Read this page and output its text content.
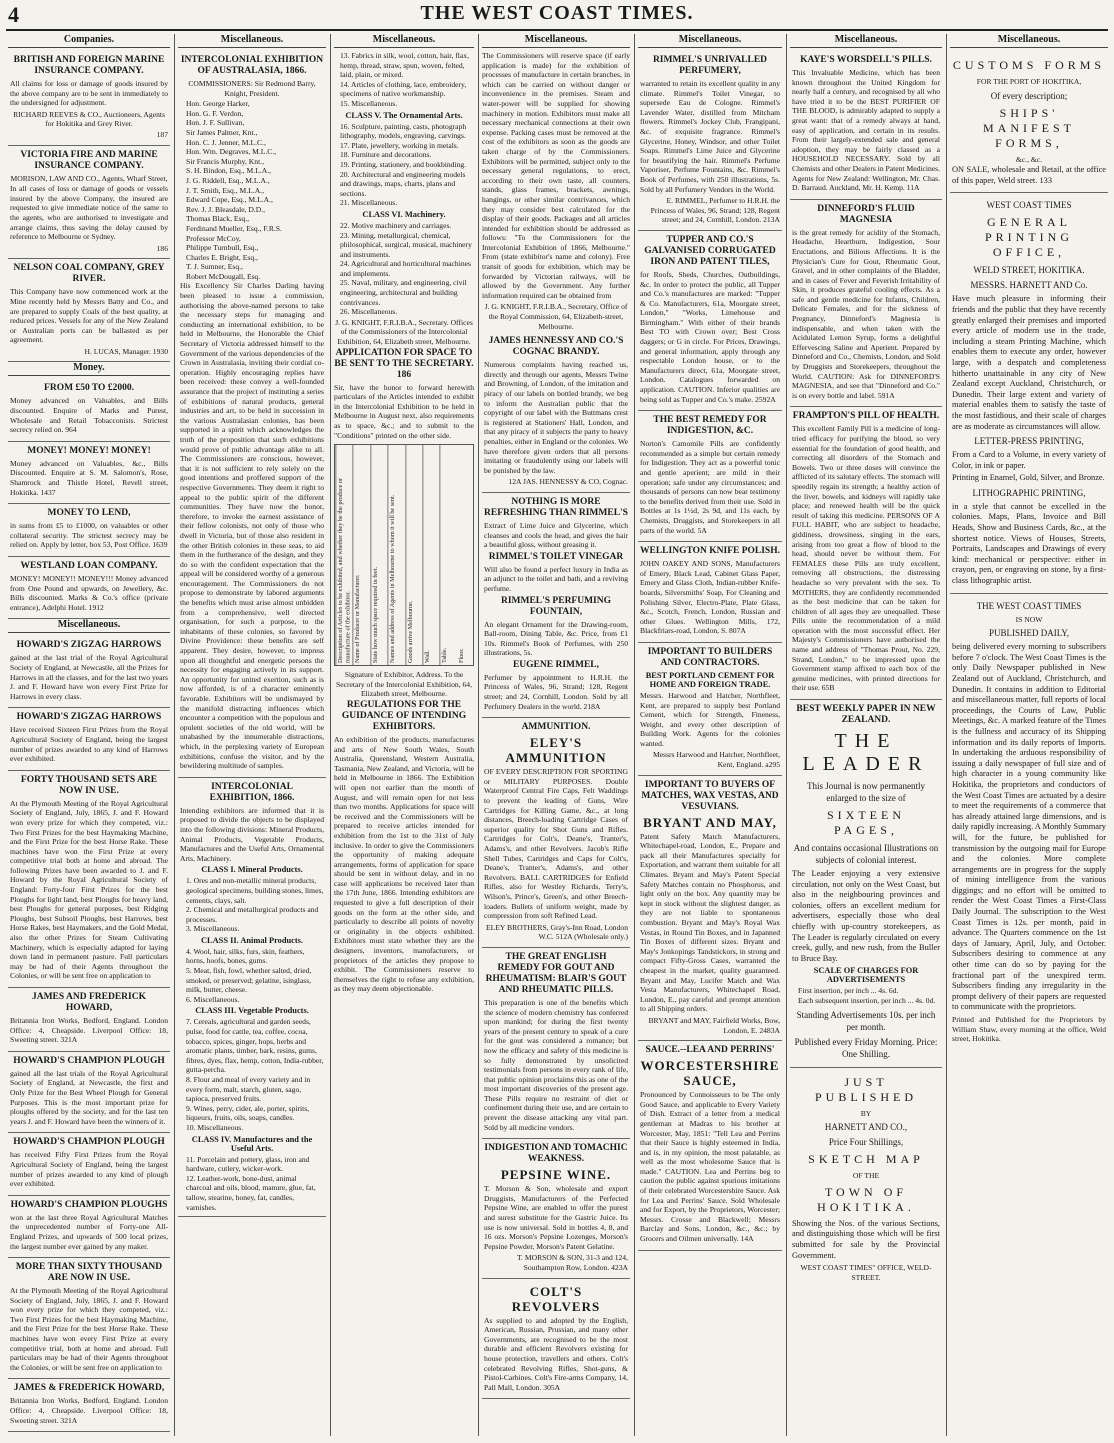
4	THE WEST COAST TIMES.
Companies.
BRITISH AND FOREIGN MARINE INSURANCE COMPANY.

All claims for loss or damage of goods insured by the above company are to be sent in immediately to the undersigned for adjustment.

RICHARD REEVES & CO., Auctioneers, Agents for Hokitika and Grey River.

187

VICTORIA FIRE AND MARINE INSURANCE COMPANY.

MORISON, LAW AND CO., Agents, Wharf Street,

In all cases of loss or damage of goods or vessels insured by the above Company, the insured are requested to give immediate notice of the same to the agents, who are authorised to investigate and arrange claims, thus saving the delay caused by reference to Melbourne or Sydney.

186

NELSON COAL COMPANY, GREY RIVER.

This Company have now commenced work at the Mine recently held by Messrs Batty and Co., and are prepared to supply Coals of the best quality, at reduced prices. Vessels for any of the New Zealand or Australian ports can be ballasted as per agreement.

H. LUCAS, Manager. 1930

Money.
FROM £50 TO £2000.

Money advanced on Valuables, and Bills discounted. Enquire of Marks and Purest, Wholesale and Retail Tobacconists. Strictest secrecy relied on. 964

MONEY! MONEY! MONEY!

Money advanced on Valuables, &c., Bills Discounted. Enquire at S. M. Salomon's, Rose, Shamrock and Thistle Hotel, Revell street, Hokitika. 1437

MONEY TO LEND,

in sums from £5 to £1000, on valuables or other collateral security. The strictest secrecy may be relied on. Apply by letter, box 53, Post Office. 1639

WESTLAND LOAN COMPANY.

MONEY! MONEY!! MONEY!!! Money advanced from One Pound and upwards, on Jewellery, &c. Bills discounted. Marks & Co.'s office (private entrance), Adelphi Hotel. 1912

Miscellaneous.
HOWARD'S ZIGZAG HARROWS

gained at the last trial of the Royal Agricultural Society of England, at Newcastle, all the Prizes for Harrows in all the classes, and for the last two years J. and F. Howard have won every First Prize for Harrows in every class.

HOWARD'S ZIGZAG HARROWS

Have received Sixteen First Prizes from the Royal Agricultural Society of England, being the largest number of prizes awarded to any kind of Harrows ever exhibited.

FORTY THOUSAND SETS ARE NOW IN USE.

At the Plymouth Meeting of the Royal Agricultural Society of England, July, 1865, J. and F. Howard won every prize for which they competed, viz.: Two First Prizes for the best Haymaking Machine, and the First Prize for the best Horse Rake. These machines have won the First Prize at every competitive trial both at home and abroad. The following Prizes have been awarded to J. and F. Howard by the Royal Agricultural Society of England: Forty-four First Prizes for the best Ploughs for light land, best Ploughs for heavy land, best Ploughs for general purposes, best Ridging Ploughs, best Subsoil Ploughs, best Harrows, best Horse Rakes, best Haymakers, and the Gold Medal, also the other Prizes for Steam Cultivating Machinery, which is especially adapted for laying down land in permanent pasture. Full particulars may be had of their Agents throughout the Colonies, or will be sent free on application to

JAMES AND FREDERICK HOWARD,

Britannia Iron Works, Bedford, England. London Office: 4, Cheapside. Liverpool Office: 18, Sweeting street. 321A

HOWARD'S CHAMPION PLOUGH

gained all the last trials of the Royal Agricultural Society of England, at Newcastle, the first and Only Prize for the Best Wheel Plough for General Purposes. This is the most important prize for ploughs offered by the society, and for the last ten years J. and F. Howard have been the winners of it.

HOWARD'S CHAMPION PLOUGH

has received Fifty First Prizes from the Royal Agricultural Society of England, being the largest number of prizes awarded to any kind of plough ever exhibited.

HOWARD'S CHAMPION PLOUGHS

won at the last three Royal Agricultural Matches the unprecedented number of Forty-one All-England Prizes, and upwards of 500 local prizes, the largest number ever gained by any maker.

MORE THAN SIXTY THOUSAND ARE NOW IN USE.

At the Plymouth Meeting of the Royal Agricultural Society of England, July, 1865, J. and F. Howard won every prize for which they competed, viz.: Two First Prizes for the best Haymaking Machine, and the First Prize for the best Horse Rake. These machines have won every First Prize at every competitive trial, both at home and abroad. Full particulars may be had of their Agents throughout the Colonies, or will be sent free on application to

JAMES & FREDERICK HOWARD,

Britannia Iron Works, Bedford, England. London Office: 4, Cheapside. Liverpool Office: 18, Sweeting street. 321A

Miscellaneous.
INTERCOLONIAL EXHIBITION OF AUSTRALASIA, 1866.

COMMISSIONERS: Sir Redmond Barry, Knight, President.

Hon. George Harker,
Hon. G. F. Verdon,
Hon. J. F. Sullivan,
Sir James Palmer, Knt.,
Hon. C. J. Jenner, M.L.C.,
Hon. Wm. Degraves, M.L.C.,
Sir Francis Murphy, Knt.,
S. H. Bindon, Esq., M.L.A.,
J. G. Riddell, Esq., M.L.A.,
J. T. Smith, Esq., M.L.A.,
Edward Cope, Esq., M.L.A.,
Rev. J. J. Bleasdale, D.D.,
Thomas Black, Esq.,
Ferdinand Mueller, Esq., F.R.S.
Professor McCoy,
Philippe Turnbull, Esq.,
Charles E. Bright, Esq.,
T. J. Sumner, Esq.,
Robert McDougall, Esq.

His Excellency Sir Charles Darling having been pleased to issue a commission, authorising the above-named persons to take the necessary steps for managing and conducting an international exhibition, to be held in Melbourne, the Honorable the Chief Secretary of Victoria addressed himself to the Government of the various dependencies of the Crown in Australasia, inviting their cordial co-operation. Highly encouraging replies have been received: these convey a well-founded assurance that the project of instituting a series of exhibitions of natural products, general industries and art, to be held in succession in the various Australasian colonies, has been supported in a spirit which acknowledges the truth of the proposition that such exhibitions would prove of public advantage alike to all. The Commissioners are conscious, however, that it is not sufficient to rely solely on the good intentions and proffered support of the respective Governments. They deem it right to appeal to the public spirit of the different communities. They have now the honor, therefore, to invoke the earnest assistance of their fellow colonists, not only of those who dwell in Victoria, but of those also resident in the other British colonies in these seas, to aid them in the furtherance of the design, and they do so with the confident expectation that the appeal will be considered worthy of a generous encouragement. The Commissioners do not propose to demonstrate by labored arguments the benefits which must arise almost unbidden from a comprehensive, well directed organisation, for such a purpose, to the inhabitants of these colonies, so favored by Divine Providence: these benefits are self apparent. They desire, however, to impress upon all thoughtful and energetic persons the necessity for engaging actively in its support. An opportunity for united exertion, such as is now afforded, is of a character eminently favorable. Exhibitors will be undismayed by the manifold distracting influences which encounter a competition with the populous and opulent societies of the old world, will be unabashed by the innumerable distractions, which, in the perplexing variety of European exhibitions, confuse the visitor, and by the bewildering multitude of samples.

INTERCOLONIAL EXHIBITION, 1866.

Intending exhibitors are informed that it is proposed to divide the objects to be displayed into the following divisions: Mineral Products, Animal Products, Vegetable Products, Manufactures and the Useful Arts, Ornamental Arts, Machinery.

CLASS I. Mineral Products.
1. Ores and non-metallic mineral products, geological specimens, building stones, limes, cements, clays, salt.
2. Chemical and metallurgical products and processes.
3. Miscellaneous.
CLASS II. Animal Products.
4. Wool, hair, silks, furs, skin, feathers, horns, hoofs, bones, gums.
5. Meat, fish, fowl, whether salted, dried, smoked, or preserved; gelatine, isinglass, milk, butter, cheese.
6. Miscellaneous.
CLASS III. Vegetable Products.
7. Cereals, agricultural and garden seeds, pulse, food for cattle, tea, coffee, cocoa, tobacco, spices, ginger, hops, herbs and aromatic plants, timber, bark, resins, gums, fibres, dyes, flax, hemp, cotton, India-rubber, gutta-percha.
8. Flour and meal of every variety and in every form, malt, starch, gluten, sago, tapioca, preserved fruits.
9. Wines, perry, cider, ale, porter, spirits, liqueurs, fruits, oils, soaps, candles.
10. Miscellaneous.
CLASS IV. Manufactures and the Useful Arts.
11. Porcelain and pottery, glass, iron and hardware, cutlery, wicker-work.
12. Leather-work, bone-dust, animal charcoal and oils, blood, manure, glue, fat, tallow, stearine, honey, fat, candles, varnishes.
Miscellaneous.
13. Fabrics in silk, wool, cotton, hair, flax, hemp, thread, straw, spun, woven, felted, laid, plain, or mixed.
14. Articles of clothing, lace, embroidery, specimens of native workmanship.
15. Miscellaneous.
CLASS V. The Ornamental Arts.
16. Sculpture, painting, casts, photograph lithography, models, engraving, carvings.
17. Plate, jewellery, working in metals.
18. Furniture and decorations.
19. Printing, stationery, and bookbinding.
20. Architectural and engineering models and drawings, maps, charts, plans and sections.
21. Miscellaneous.
CLASS VI. Machinery.
22. Motive machinery and carriages.
23. Mining, metallurgical, chemical, philosophical, surgical, musical, machinery and instruments.
24. Agricultural and horticultural machines and implements.
25. Naval, military, and engineering, civil engineering, architectural and building contrivances.
26. Miscellaneous.

J. G. KNIGHT, F.R.I.B.A., Secretary. Offices of the Commissioners of the Intercolonial Exhibition, 64, Elizabeth street, Melbourne.

APPLICATION FOR SPACE TO BE SENT TO THE SECRETARY. 186

Sir, have the honor to forward herewith particulars of the Articles intended to exhibit in the Intercolonial Exhibition to be held in Melbourne in August next, also requirements as to space, &c.; and to submit to the "Conditions" printed on the other side.

Description of Articles to be exhibited, and whether they be the produce or manufacture of the exhibitor. Name of Producer or Manufacturer.	State how much space required in feet.	Names and address of Agents in Melbourne to whom it will be sent.	Goods arrive Melbourne.	Wall.	Table.	Floor.

Signature of Exhibitor, Address. To the Secretary of the Intercolonial Exhibition, 64, Elizabeth street, Melbourne.

REGULATIONS FOR THE GUIDANCE OF INTENDING EXHIBITORS.

An exhibition of the products, manufactures and arts of New South Wales, South Australia, Queensland, Western Australia, Tasmania, New Zealand, and Victoria, will be held in Melbourne in 1866. The Exhibition will open not earlier than the month of August, and will remain open for not less than two months. Applications for space will be received and the Commissioners will be prepared to receive articles intended for exhibition from the 1st to the 31st of July inclusive. In order to give the Commissioners the opportunity of making adequate arrangements, forms of application for space should be sent in without delay, and in no case will applications be received later than the 17th June, 1866. Intending exhibitors are requested to give a full description of their goods on the form at the other side, and particularly to describe all points of novelty or originality in the objects exhibited. Exhibitors must state whether they are the designers, inventors, manufacturers, or proprietors of the articles they propose to exhibit. The Commissioners reserve to themselves the right to refuse any exhibition, as they may deem objectionable.

Miscellaneous.

The Commissioners will reserve space (if early application is made) for the exhibition of processes of manufacture in certain branches, in which can be carried on without danger or inconvenience in the premises. Steam and water-power will be supplied for showing machinery in motion. Exhibitors must make all necessary mechanical connections at their own expense. Packing cases must be removed at the cost of the exhibitors as soon as the goods are taken charge of by the Commissioners. Exhibitors will be permitted, subject only to the necessary general regulations, to erect, according to their own taste, all counters, stands, glass frames, brackets, awnings, hangings, or other similar contrivances, which they may consider best calculated for the display of their goods. Packages and all articles intended for exhibition should be addressed as follows: "To the Commissioners for the Intercolonial Exhibition of 1866, Melbourne." From (state exhibitor's name and colony). Free transit of goods for exhibition, which may be forwarded by Victorian railways, will be allowed by the Government. Any further information required can be obtained from

J. G. KNIGHT, F.R.I.B.A., Secretary, Office of the Royal Commission, 64, Elizabeth-street, Melbourne.

JAMES HENNESSY AND CO.'S COGNAC BRANDY.

Numerous complaints having reached us, directly and through our agents, Messrs Twine and Browning, of London, of the imitation and piracy of our labels on bottled brandy, we beg to inform the Australian public that the copyright of our label with the Buttmans crest is registered at Stationers' Hall, London, and that any piracy of it subjects the party to heavy penalties, either in England or the colonies. We have therefore given orders that all persons imitating or fraudulently using our labels will be punished by the law.

12A JAS. HENNESSY & CO, Cognac.

NOTHING IS MORE REFRESHING THAN RIMMEL'S

Extract of Lime Juice and Glycerine, which cleanses and cools the head, and gives the hair a beautiful gloss, without greasing it.

RIMMEL'S TOILET VINEGAR

Will also be found a perfect luxury in India as an adjunct to the toilet and bath, and a reviving perfume.

RIMMEL'S PERFUMING FOUNTAIN,

An elegant Ornament for the Drawing-room, Ball-room, Dining Table, &c. Price, from £1 10s. Rimmel's Book of Perfumes, with 250 illustrations, 5s.

EUGENE RIMMEL,

Perfumer by appointment to H.R.H. the Princess of Wales, 96, Strand; 128, Regent street; and 24, Cornhill, London. Sold by all Perfumery Dealers in the world. 218A

AMMUNITION.
ELEY'S AMMUNITION

OF EVERY DESCRIPTION FOR SPORTING or MILITARY PURPOSES. Double Waterproof Central Fire Caps, Felt Waddings to prevent the leading of Guns, Wire Cartridges for Killing Game, &c., at long distances, Breech-loading Cartridge Cases of superior quality for Shot Guns and Rifles. Cartridges for Colt's, Deane's, Tranter's, Adams's, and other Revolvers. Jacob's Rifle Shell Tubes, Cartridges and Caps for Colt's, Deane's, Tranter's, Adams's, and other Revolvers. BALL CARTRIDGES for Enfield Rifles, also for Westley Richards, Terry's, Wilson's, Prince's, Green's, and other Breech-loaders. Bullets of uniform weight, made by compression from soft Refined Lead.

ELEY BROTHERS, Gray's-Inn Road, London W.C. 512A (Wholesale only.)

THE GREAT ENGLISH REMEDY FOR GOUT AND RHEUMATISM: BLAIR'S GOUT AND RHEUMATIC PILLS.

This preparation is one of the benefits which the science of modern chemistry has conferred upon mankind; for during the first twenty years of the present century to speak of a cure for the gout was considered a romance; but now the efficacy and safety of this medicine is so fully demonstrated by unsolicited testimonials from persons in every rank of life, that public opinion proclaims this as one of the most important discoveries of the present age. These Pills require no restraint of diet or confinement during their use, and are certain to prevent the disease attacking any vital part. Sold by all medicine vendors.

INDIGESTION AND TOMACHIC WEAKNESS.
PEPSINE WINE.

T. Morson & Son, wholesale and export Druggists, Manufacturers of the Perfected Pepsine Wine, are enabled to offer the purest and surest substitute for the Gastric Juice. Its use is now universal. Sold in bottles 4, 8, and 16 ozs. Morson's Pepsine Lozenges, Morson's Pepsine Powder, Morson's Patent Gelatine.

T. MORSON & SON, 31-3 and 124, Southampton Row, London. 423A

COLT'S REVOLVERS

As supplied to and adopted by the English, American, Russian, Prussian, and many other Governments, are recognised to be the most durable and efficient Revolvers existing for house protection, travellers and others. Colt's celebrated Revolving Rifles, Shot-guns, & Pistol-Carbines. Colt's Fire-arms Company, 14, Pall Mall, London. 305A

Miscellaneous.
RIMMEL'S UNRIVALLED PERFUMERY,

warranted to retain its excellent quality in any climate. Rimmel's Toilet Vinegar, to supersede Eau de Cologne. Rimmel's Lavender Water, distilled from Mitcham flowers. Rimmel's Jockey Club, Frangipani, &c. of exquisite fragrance. Rimmel's Glycerine, Honey, Windsor, and other Toilet Soaps. Rimmel's Lime Juice and Glycerine for beautifying the hair. Rimmel's Perfume Vaporiser, Perfume Fountains, &c. Rimmel's Book of Perfumes, with 250 illustrations, 5s. Sold by all Perfumery Vendors in the World.

E. RIMMEL, Perfumer to H.R.H. the Princess of Wales, 96, Strand; 128, Regent street; and 24, Cornhill, London. 213A

TUPPER AND CO.'S GALVANISED CORRUGATED IRON AND PATENT TILES,

for Roofs, Sheds, Churches, Outbuildings, &c. In order to protect the public, all Tupper and Co.'s manufactures are marked: "Tupper & Co. Manufacturers, 61a, Moorgate street, London," "Works, Limehouse and Birmingham." With either of their brands Best TO with Crown over; Best Cross daggers; or G in circle. For Prices, Drawings, and general information, apply through any respectable London house, or to the Manufacturers direct, 61a, Moorgate street, London. Catalogues forwarded on application. CAUTION. Inferior qualities are being sold as Tupper and Co.'s make. 2592A

THE BEST REMEDY FOR INDIGESTION, &C.

Norton's Camomile Pills are confidently recommended as a simple but certain remedy for Indigestion. They act as a powerful tonic and gentle aperient; are mild in their operation; safe under any circumstances; and thousands of persons can now bear testimony to the benefits derived from their use. Sold in Bottles at 1s 1½d, 2s 9d, and 11s each, by Chemists, Druggists, and Storekeepers in all parts of the world. 5A

WELLINGTON KNIFE POLISH.

JOHN OAKEY AND SONS, Manufacturers of Emery, Black Lead, Cabinet Glass Paper, Emery and Glass Cloth, Indian-rubber Knife-boards, Silversmiths' Soap, For Cleaning and Polishing Silver, Electro-Plate, Plate Glass, &c., Scotch, French, London, Russian and other Glues. Wellington Mills, 172, Blackfriars-road, London, S. 807A

IMPORTANT TO BUILDERS AND CONTRACTORS.
BEST PORTLAND CEMENT FOR HOME AND FOREIGN TRADE.

Messrs. Harwood and Hatcher, Northfleet, Kent, are prepared to supply best Portland Cement, which for Strength, Fineness, Weight, and every other description of Building Work. Agents for the colonies wanted.

Messrs Harwood and Hatcher, Northfleet, Kent, England. a295

IMPORTANT TO BUYERS OF MATCHES, WAX VESTAS, AND VESUVIANS.
BRYANT AND MAY,

Patent Safety Match Manufacturers, Whitechapel-road, London, E., Prepare and pack all their Manufactures specially for Exportation, and warrant them suitable for all Climates. Bryant and May's Patent Special Safety Matches contain no Phosphorus, and light only on the box. Any quantity may be kept in stock without the slightest danger, as they are not liable to spontaneous combustion. Bryant and May's Royal Wax Vestas, in Round Tin Boxes, and in Japanned Tin Boxes of different sizes. Bryant and May's Jonkopings Tandstickors, in strong and compact Fifty-Gross Cases, warranted the cheapest in the market, quality guaranteed. Bryant and May, Lucifer Match and Wax Vesta Manufacturers, Whitechapel Road, London, E., pay careful and prompt attention to all Shipping orders.

BRYANT and MAY, Fairfield Works, Bow, London, E. 2483A

SAUCE.--LEA AND PERRINS'
WORCESTERSHIRE SAUCE,

Pronounced by Connoisseurs to be The only Good Sauce, and applicable to Every Variety of Dish. Extract of a letter from a medical gentleman at Madras to his brother at Worcester, May, 1851: "Tell Lea and Perrins that their Sauce is highly esteemed in India, and is, in my opinion, the most palatable, as well as the most wholesome Sauce that is made." CAUTION. Lea and Perrins beg to caution the public against spurious imitations of their celebrated Worcestershire Sauce. Ask for Lea and Perrins' Sauce. Sold Wholesale and for Export, by the Proprietors, Worcester; Messrs. Crosse and Blackwell; Messrs Barclay and Sons, London, &c., &c.; by Grocers and Oilmen universally. 14A

Miscellaneous.
KAYE'S WORSDELL'S PILLS.

This Invaluable Medicine, which has been known throughout the United Kingdom for nearly half a century, and recognised by all who have tried it to be the BEST PURIFIER OF THE BLOOD, is admirably adapted to supply a great want: that of a remedy always at hand, easy of application, and certain in its results. From their largely-extended sale and general adoption, they may be fairly classed as a HOUSEHOLD NECESSARY. Sold by all Chemists and other Dealers in Patent Medicines. Agents for New Zealand: Wellington, Mr. Chas. D. Barraud. Auckland, Mr. H. Kemp. 11A

DINNEFORD'S FLUID MAGNESIA

is the great remedy for acidity of the Stomach, Headache, Heartburn, Indigestion, Sour Eructations, and Bilious Affections. It is the Physician's Cure for Gout, Rheumatic Gout, Gravel, and in other complaints of the Bladder, and in cases of Fever and Feverish Irritability of Skin, it produces grateful cooling effects. As a safe and gentle medicine for Infants, Children, Delicate Females, and for the sickness of Pregnancy, Dinneford's Magnesia is indispensable, and when taken with the Acidulated Lemon Syrup, forms a delightful Effervescing Saline and Aperient. Prepared by Dinneford and Co., Chemists, London, and Sold by Druggists and Storekeepers, throughout the World. CAUTION: Ask for DINNEFORD'S MAGNESIA, and see that "Dinneford and Co." is on every bottle and label. 591A

FRAMPTON'S PILL OF HEALTH.

This excellent Family Pill is a medicine of long-tried efficacy for purifying the blood, so very essential for the foundation of good health, and correcting all disorders of the Stomach and Bowels. Two or three doses will convince the afflicted of its salutary effects. The stomach will speedily regain its strength; a healthy action of the liver, bowels, and kidneys will rapidly take place; and renewed health will be the quick result of taking this medicine. PERSONS OF A FULL HABIT, who are subject to headache, giddiness, drowsiness, singing in the ears, arising from too great a flow of blood to the head, should never be without them. For FEMALES these Pills are truly excellent, removing all obstructions, the distressing headache so very prevalent with the sex. To MOTHERS, they are confidently recommended as the best medicine that can be taken for children of all ages they are unequalled. These Pills unite the recommendation of a mild operation with the most successful effect. Her Majesty's Commissioners have authorised the name and address of "Thomas Prout, No. 229, Strand, London," to be impressed upon the Government stamp affixed to each box of the genuine medicines, with printed directions for their use. 65B

BEST WEEKLY PAPER IN NEW ZEALAND.
THE LEADER

This Journal is now permanently enlarged to the size of

SIXTEEN PAGES,

And contains occasional Illustrations on subjects of colonial interest.

The Leader enjoying a very extensive circulation, not only on the West Coast, but also in the neighbouring provinces and colonies, offers an excellent medium for advertisers, especially those who deal chiefly with up-country storekeepers, as The Leader is regularly circulated on every creek, gully, and new rush, from the Buller to Bruce Bay.

SCALE OF CHARGES FOR ADVERTISEMENTS
First insertion, per inch ... 4s. 6d.
Each subsequent insertion, per inch ... 4s. 0d.

Standing Advertisements 10s. per inch per month.

Published every Friday Morning. Price: One Shilling.

JUST PUBLISHED
BY
HARNETT AND CO.,
Price Four Shillings,
SKETCH MAP
OF THE
TOWN OF HOKITIKA.

Showing the Nos. of the various Sections, and distinguishing those which will be first submitted for sale by the Provincial Government.

WEST COAST TIMES" OFFICE, WELD-STREET.
Miscellaneous.
CUSTOMS FORMS
FOR THE PORT OF HOKITIKA,
Of every description;
SHIPS' MANIFEST FORMS,
&c., &c.

ON SALE, wholesale and Retail, at the office of this paper, Weld street. 133

WEST COAST TIMES
GENERAL PRINTING OFFICE,
WELD STREET, HOKITIKA.
MESSRS. HARNETT AND Co.

Have much pleasure in informing their friends and the public that they have recently greatly enlarged their premises and imported every article of modern use in the trade, including a steam Printing Machine, which enables them to execute any order, however large, with a despatch and completeness hitherto unattainable in any city of New Zealand except Auckland, Christchurch, or Dunedin. Their large extent and variety of material enables them to satisfy the taste of the most fastidious, and their scale of charges are as moderate as circumstances will allow.

LETTER-PRESS PRINTING,

From a Card to a Volume, in every variety of Color, in ink or paper.

Printing in Enamel, Gold, Silver, and Bronze.

LITHOGRAPHIC PRINTING,

in a style that cannot be excelled in the colonies. Maps, Plans, Invoice and Bill Heads, Show and Business Cards, &c., at the shortest notice. Views of Houses, Streets, Portraits, Landscapes and Drawings of every kind: mechanical or perspective: either in crayon, pen, or engraving on stone, by a first-class lithographic artist.

THE WEST COAST TIMES
IS NOW
PUBLISHED DAILY,

being delivered every morning to subscribers before 7 o'clock. The West Coast Times is the only Daily Newspaper published in New Zealand out of Auckland, Christchurch, and Dunedin. It contains in addition to Editorial and miscellaneous matter, full reports of local proceedings, the Courts of Law, Public Meetings, &c. A marked feature of the Times is the fullness and accuracy of its Shipping information and its daily reports of Imports. In undertaking the arduous responsibility of issuing a daily newspaper of full size and of high character in a young community like Hokitika, the proprietors and conductors of the West Coast Times are actuated by a desire to meet the requirements of a commerce that has already attained large dimensions, and is daily rapidly increasing. A Monthly Summary will, for the future, be published for transmission by the outgoing mail for Europe and the colonies. More complete arrangements are in progress for the supply of mining intelligence from the various diggings; and no effort will be omitted to render the West Coast Times a First-Class Daily Journal. The subscription to the West Coast Times is 12s. per month, paid in advance. The Quarters commence on the 1st days of January, April, July, and October. Subscribers desiring to commence at any other time can do so by paying for the fractional part of the unexpired term. Subscribers finding any irregularity in the prompt delivery of their papers are requested to communicate with the proprietors.

Printed and Published for the Proprietors by William Shaw, every morning at the office, Weld street, Hokitika.
